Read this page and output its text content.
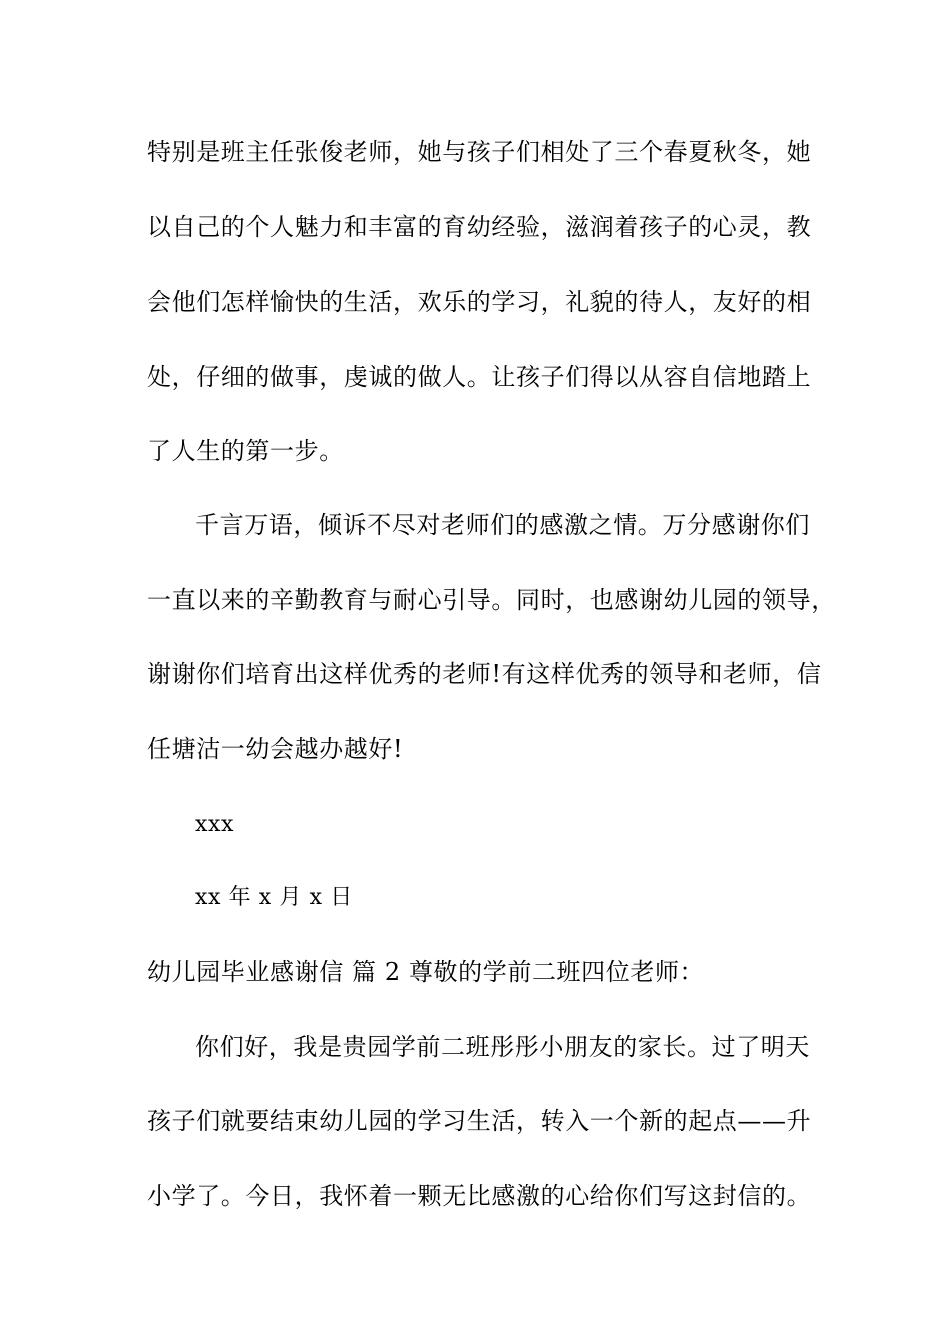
特别是班主任张俊老师，她与孩子们相处了三个春夏秋冬，她
以自己的个人魅力和丰富的育幼经验，滋润着孩子的心灵，教
会他们怎样愉快的生活，欢乐的学习，礼貌的待人，友好的相
处，仔细的做事，虔诚的做人。让孩子们得以从容自信地踏上
了人生的第一步。
千言万语，倾诉不尽对老师们的感激之情。万分感谢你们
一直以来的辛勤教育与耐心引导。同时，也感谢幼儿园的领导，
谢谢你们培育出这样优秀的老师!有这样优秀的领导和老师，信
任塘沽一幼会越办越好!
xxx
xx 年 x 月 x 日
幼儿园毕业感谢信 篇 2 尊敬的学前二班四位老师：
你们好，我是贵园学前二班彤彤小朋友的家长。过了明天
孩子们就要结束幼儿园的学习生活，转入一个新的起点——升
小学了。今日，我怀着一颗无比感激的心给你们写这封信的。
